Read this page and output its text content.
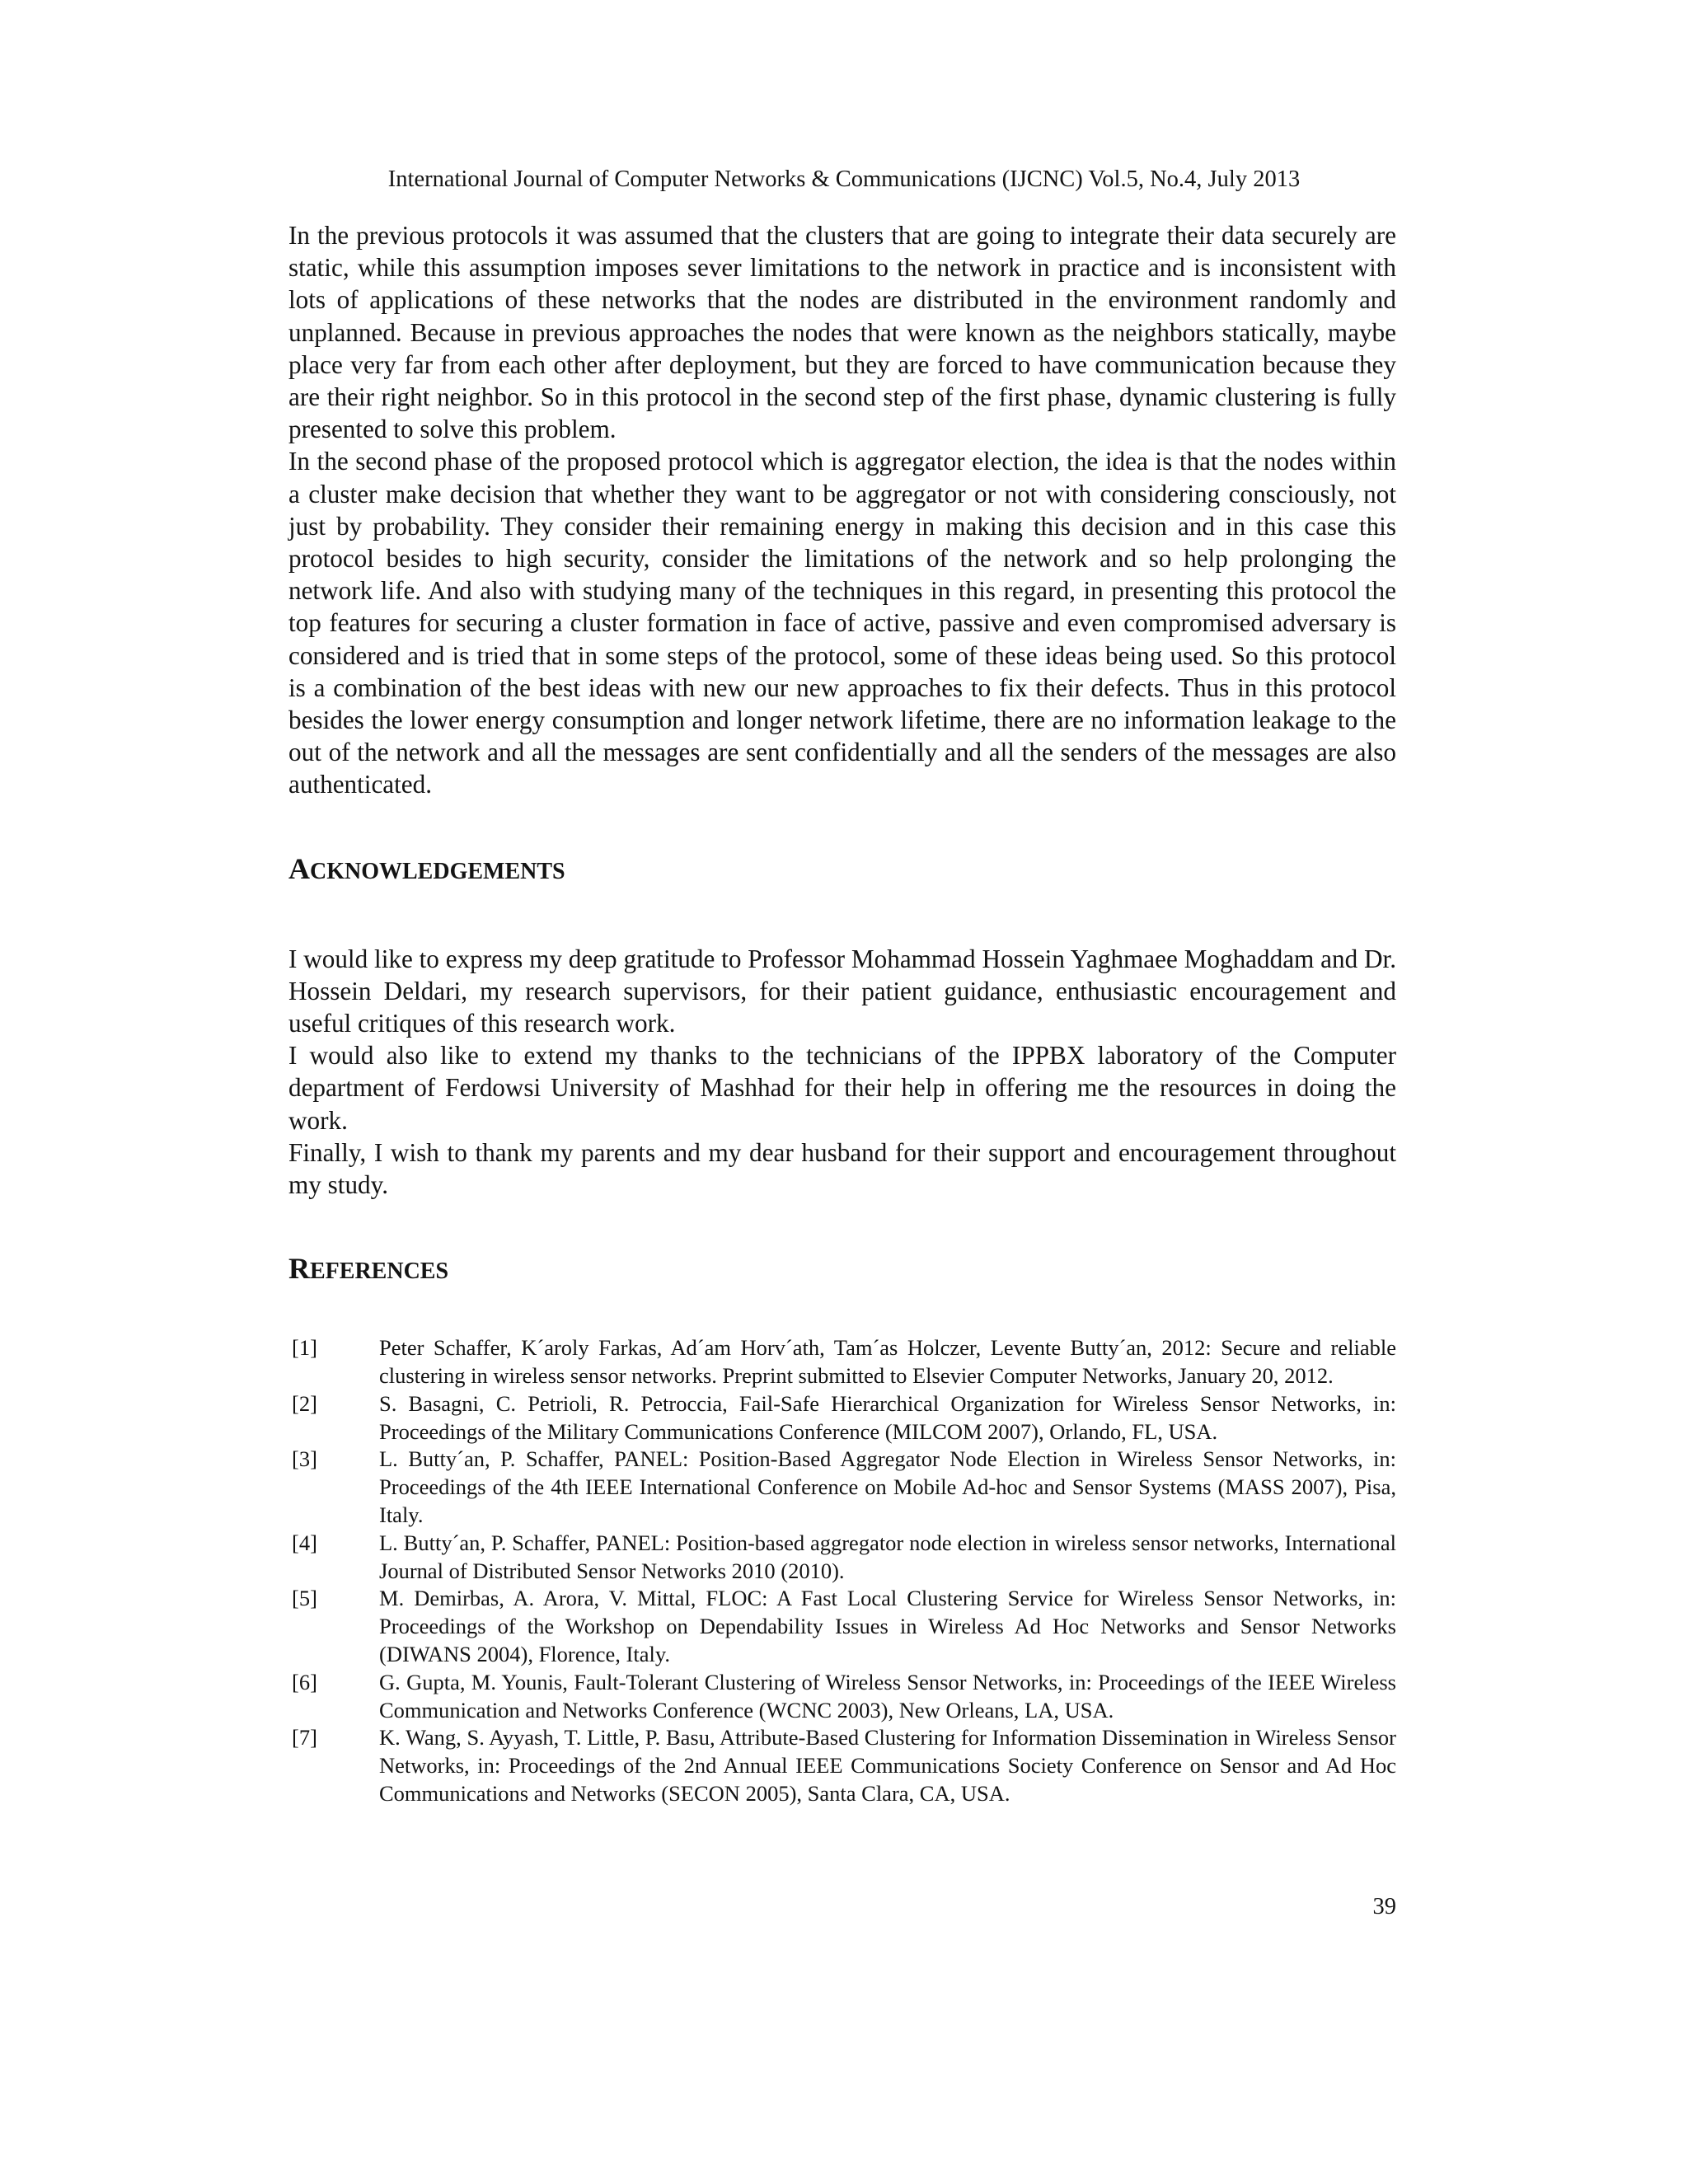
International Journal of Computer Networks & Communications (IJCNC) Vol.5, No.4, July 2013

In the previous protocols it was assumed that the clusters that are going to integrate their data securely are static, while this assumption imposes sever limitations to the network in practice and is inconsistent with lots of applications of these networks that the nodes are distributed in the environment randomly and unplanned. Because in previous approaches the nodes that were known as the neighbors statically, maybe place very far from each other after deployment, but they are forced to have communication because they are their right neighbor. So in this protocol in the second step of the first phase, dynamic clustering is fully presented to solve this problem.

In the second phase of the proposed protocol which is aggregator election, the idea is that the nodes within a cluster make decision that whether they want to be aggregator or not with considering consciously, not just by probability. They consider their remaining energy in making this decision and in this case this protocol besides to high security, consider the limitations of the network and so help prolonging the network life. And also with studying many of the techniques in this regard, in presenting this protocol the top features for securing a cluster formation in face of active, passive and even compromised adversary is considered and is tried that in some steps of the protocol, some of these ideas being used. So this protocol is a combination of the best ideas with new our new approaches to fix their defects. Thus in this protocol besides the lower energy consumption and longer network lifetime, there are no information leakage to the out of the network and all the messages are sent confidentially and all the senders of the messages are also authenticated.

ACKNOWLEDGEMENTS

I would like to express my deep gratitude to Professor Mohammad Hossein Yaghmaee Moghaddam and Dr. Hossein Deldari, my research supervisors, for their patient guidance, enthusiastic encouragement and useful critiques of this research work.

I would also like to extend my thanks to the technicians of the IPPBX laboratory of the Computer department of Ferdowsi University of Mashhad for their help in offering me the resources in doing the work.

Finally, I wish to thank my parents and my dear husband for their support and encouragement throughout my study.

REFERENCES
[1]	Peter Schaffer, K´aroly Farkas, Ad´am Horv´ath, Tam´as Holczer, Levente Butty´an, 2012: Secure and reliable clustering in wireless sensor networks. Preprint submitted to Elsevier Computer Networks, January 20, 2012.
[2]	S. Basagni, C. Petrioli, R. Petroccia, Fail-Safe Hierarchical Organization for Wireless Sensor Networks, in: Proceedings of the Military Communications Conference (MILCOM 2007), Orlando, FL, USA.
[3]	L. Butty´an, P. Schaffer, PANEL: Position-Based Aggregator Node Election in Wireless Sensor Networks, in: Proceedings of the 4th IEEE International Conference on Mobile Ad-hoc and Sensor Systems (MASS 2007), Pisa, Italy.
[4]	L. Butty´an, P. Schaffer, PANEL: Position-based aggregator node election in wireless sensor networks, International Journal of Distributed Sensor Networks 2010 (2010).
[5]	M. Demirbas, A. Arora, V. Mittal, FLOC: A Fast Local Clustering Service for Wireless Sensor Networks, in: Proceedings of the Workshop on Dependability Issues in Wireless Ad Hoc Networks and Sensor Networks (DIWANS 2004), Florence, Italy.
[6]	G. Gupta, M. Younis, Fault-Tolerant Clustering of Wireless Sensor Networks, in: Proceedings of the IEEE Wireless Communication and Networks Conference (WCNC 2003), New Orleans, LA, USA.
[7]	K. Wang, S. Ayyash, T. Little, P. Basu, Attribute-Based Clustering for Information Dissemination in Wireless Sensor Networks, in: Proceedings of the 2nd Annual IEEE Communications Society Conference on Sensor and Ad Hoc Communications and Networks (SECON 2005), Santa Clara, CA, USA.
39
